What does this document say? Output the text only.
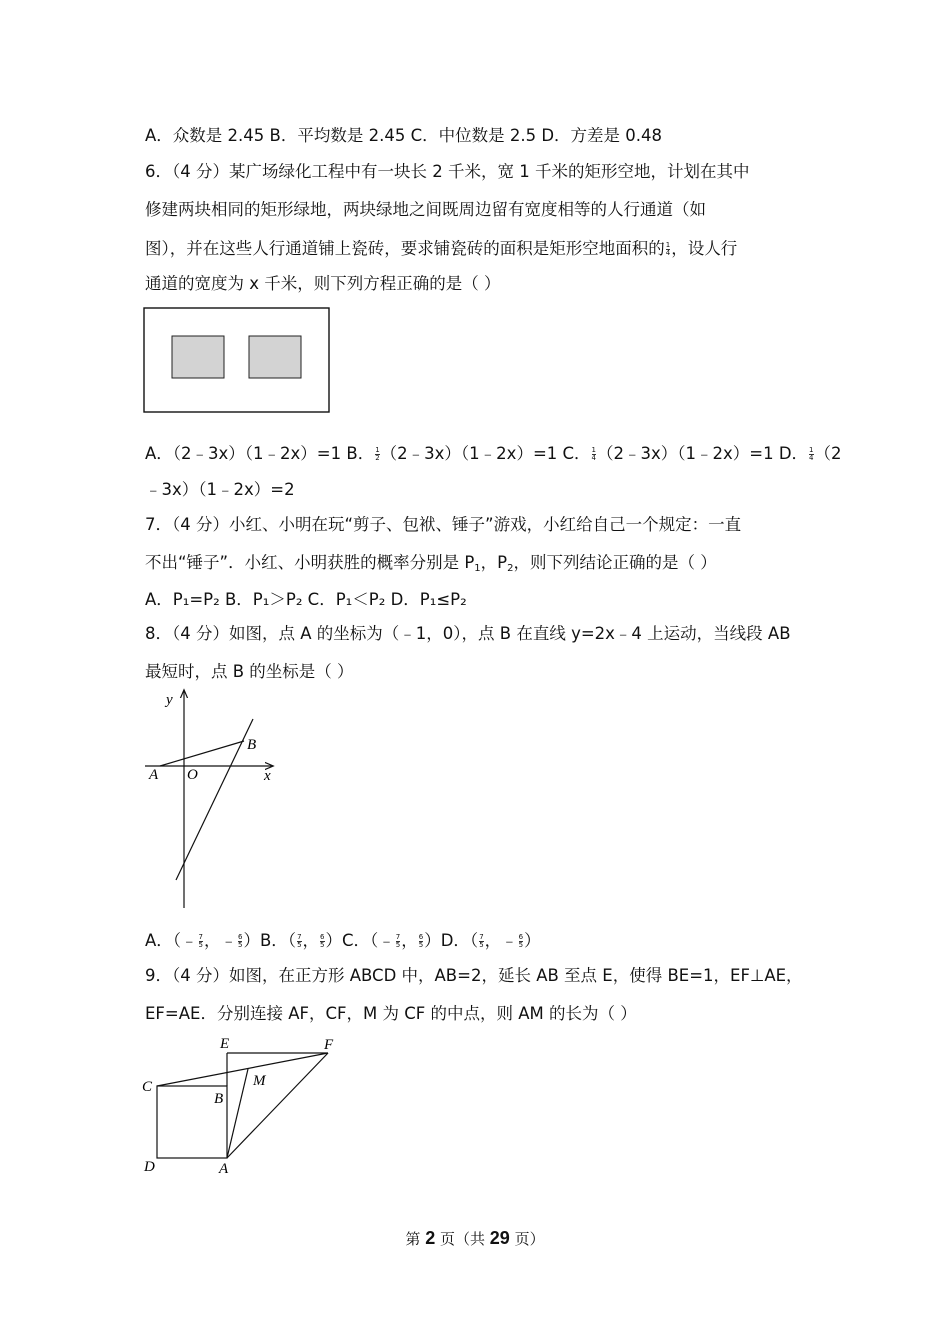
A．众数是 2.45 B．平均数是 2.45 C．中位数是 2.5 D．方差是 0.48
6．（4 分）某广场绿化工程中有一块长 2 千米，宽 1 千米的矩形空地，计划在其中
修建两块相同的矩形绿地，两块绿地之间既周边留有宽度相等的人行通道（如
图），并在这些人行通道铺上瓷砖，要求铺瓷砖的面积是矩形空地面积的 $\frac{1}{4}$ ，设人行
通道的宽度为 x 千米，则下列方程正确的是（ ）
A．（2﹣3x）（1﹣2x）=1 B． $\frac{1}{2}$ （2﹣3x）（1﹣2x）=1 C． $\frac{1}{4}$ （2﹣3x）（1﹣2x）=1 D． $\frac{1}{4} (2$
﹣3x）（1﹣2x）=2
7．（4 分）小红、小明在玩“剪子、包袱、锤子”游戏，小红给自己一个规定：一直
不出“锤子”．小红、小明获胜的概率分别是 $P_1$，$P_2$，则下列结论正确的是（ ）
A．P₁=P₂ B．P₁＞P₂ C．P₁＜P₂ D．P₁≤P₂
8．（4 分）如图，点 A 的坐标为（﹣1，0），点 B 在直线 y=2x﹣4 上运动，当线段 AB
最短时，点 B 的坐标是（ ）
y
B
A O	x
A．（﹣ $\frac{7}{5}$ ，﹣ $\frac{6}{5} )B$．（ $\frac{7}{5}$ ， $\frac{6}{5} )C$．（﹣ $\frac{7}{5}$ ， $\frac{6}{5} )D$．（ $\frac{7}{5}$ ，﹣ $\frac{6}{5}$ ）
9．（4 分）如图，在正方形 ABCD 中，AB=2，延长 AB 至点 E，使得 BE=1，EF⊥AE，
EF=AE．分别连接 AF，CF，M 为 CF 的中点，则 AM 的长为（ ）
E	F
C	M
B
D	A
第 2 页（共 29 页）
